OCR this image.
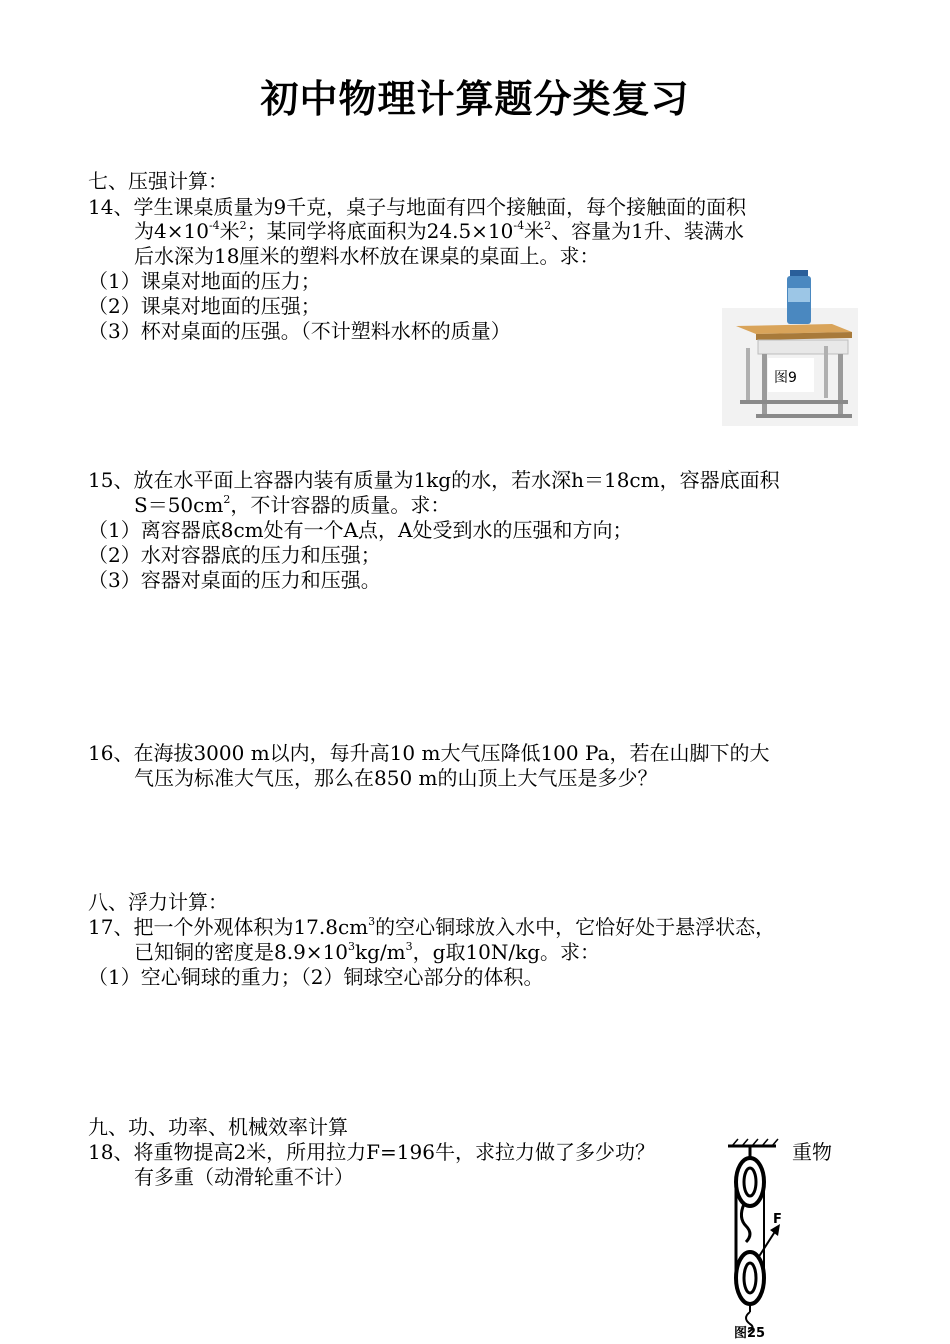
初中物理计算题分类复习
七、压强计算：
14、学生课桌质量为9千克，桌子与地面有四个接触面，每个接触面的面积
为$4\times 10^{-4}$米$^2$；某同学将底面积为$24.5\times 10^{-4}$米$^2$、容量为1升、装满水
后水深为18厘米的塑料水杯放在课桌的桌面上。求：
（1）课桌对地面的压力；
（2）课桌对地面的压强；
（3）杯对桌面的压强。（不计塑料水杯的质量）
图9
15、放在水平面上容器内装有质量为1kg的水，若水深h＝18cm，容器底面积
$S=50cm^2$，不计容器的质量。求：
（1）离容器底8cm处有一个A点，A处受到水的压强和方向；
（2）水对容器底的压力和压强；
（3）容器对桌面的压力和压强。
16、在海拔3000 m以内，每升高10 m大气压降低100 Pa，若在山脚下的大
气压为标准大气压，那么在850 m的山顶上大气压是多少？
八、浮力计算：
17、把一个外观体积为$17.8cm^3$的空心铜球放入水中，它恰好处于悬浮状态，
已知铜的密度是$8.9\times 10^3kg/m^3$，g取10N/kg。求：
（1）空心铜球的重力；（2）铜球空心部分的体积。
九、功、功率、机械效率计算
18、将重物提高2米，所用拉力F=196牛，求拉力做了多少功？	重物
有多重（动滑轮重不计）
F
图25
